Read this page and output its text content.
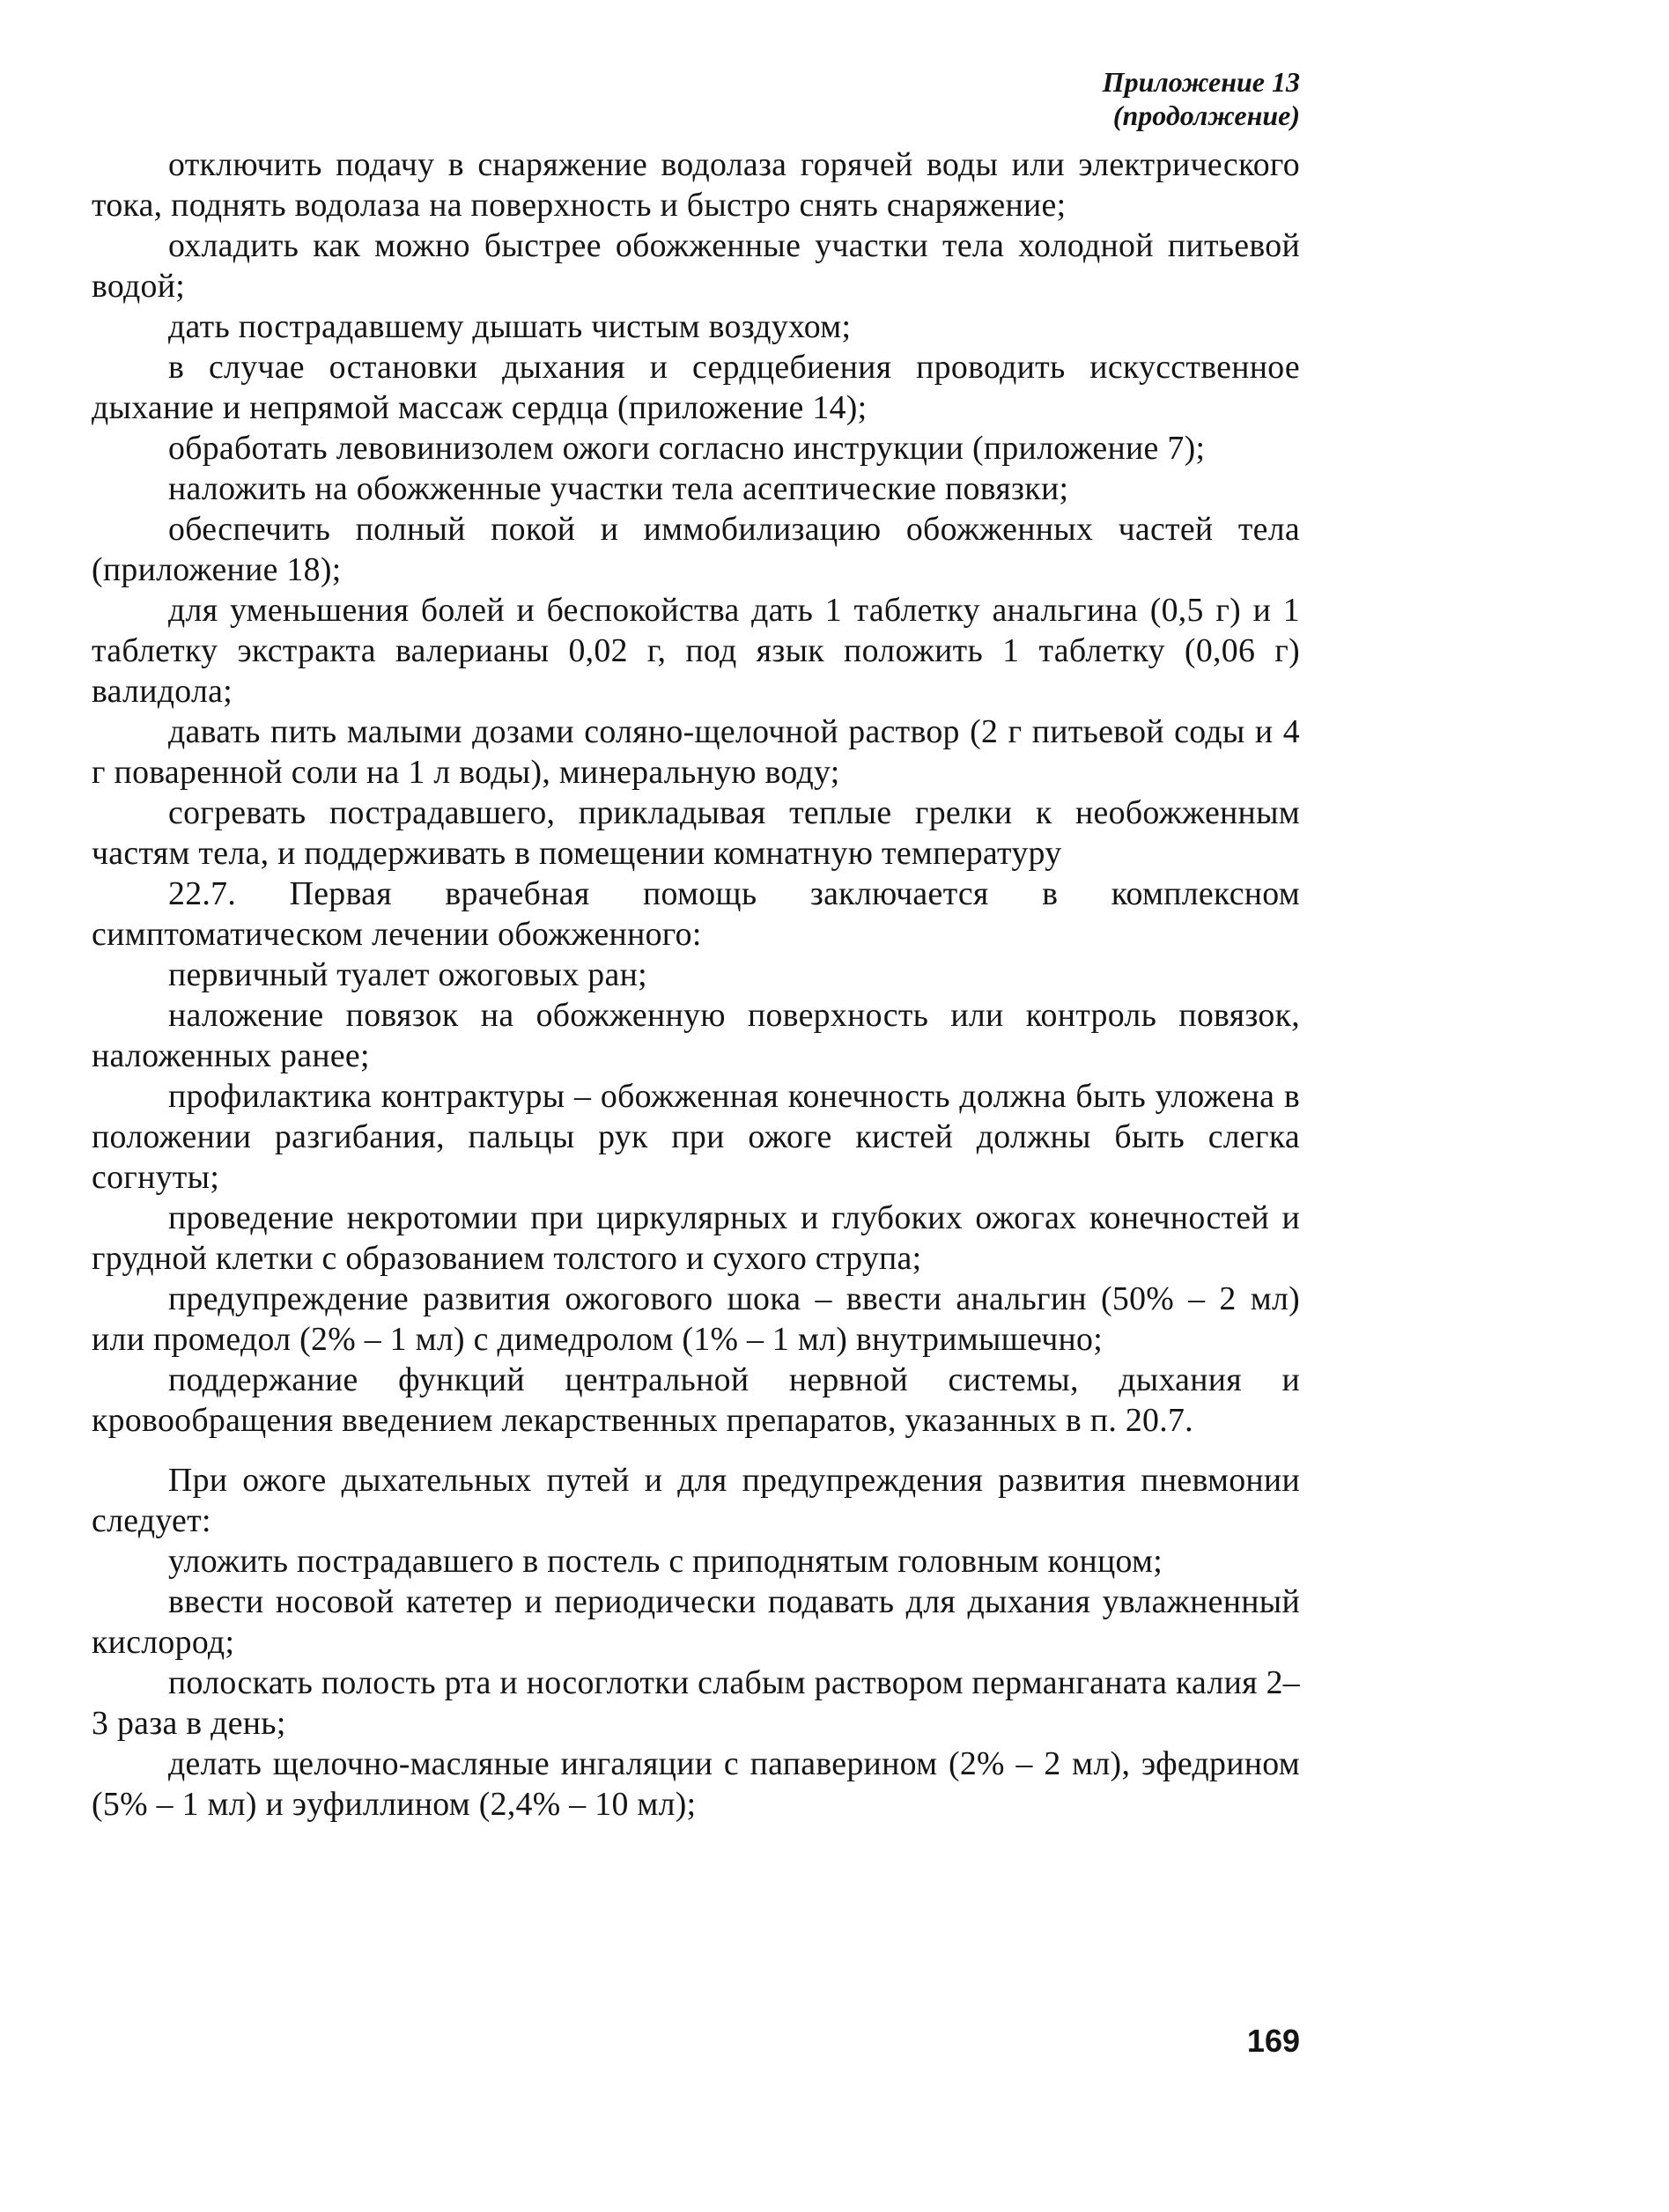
Приложение 13
(продолжение)

отключить подачу в снаряжение водолаза горячей воды или электрического тока, поднять водолаза на поверхность и быстро снять снаряжение;

охладить как можно быстрее обожженные участки тела холодной питьевой водой;

дать пострадавшему дышать чистым воздухом;

в случае остановки дыхания и сердцебиения проводить искусственное дыхание и непрямой массаж сердца (приложение 14);

обработать левовинизолем ожоги согласно инструкции (приложение 7);

наложить на обожженные участки тела асептические повязки;

обеспечить полный покой и иммобилизацию обожженных частей тела (приложение 18);

для уменьшения болей и беспокойства дать 1 таблетку анальгина (0,5 г) и 1 таблетку экстракта валерианы 0,02 г, под язык положить 1 таблетку (0,06 г) валидола;

давать пить малыми дозами соляно-щелочной раствор (2 г питьевой соды и 4 г поваренной соли на 1 л воды), минеральную воду;

согревать пострадавшего, прикладывая теплые грелки к необожженным частям тела, и поддерживать в помещении комнатную температуру

22.7. Первая врачебная помощь заключается в комплексном симптоматическом лечении обожженного:

первичный туалет ожоговых ран;

наложение повязок на обожженную поверхность или контроль повязок, наложенных ранее;

профилактика контрактуры – обожженная конечность должна быть уложена в положении разгибания, пальцы рук при ожоге кистей должны быть слегка согнуты;

проведение некротомии при циркулярных и глубоких ожогах конечностей и грудной клетки с образованием толстого и сухого струпа;

предупреждение развития ожогового шока – ввести анальгин (50% – 2 мл) или промедол (2% – 1 мл) с димедролом (1% – 1 мл) внутримышечно;

поддержание функций центральной нервной системы, дыхания и кровообращения введением лекарственных препаратов, указанных в п. 20.7.

При ожоге дыхательных путей и для предупреждения развития пневмонии следует:

уложить пострадавшего в постель с приподнятым головным концом;

ввести носовой катетер и периодически подавать для дыхания увлажненный кислород;

полоскать полость рта и носоглотки слабым раствором перманганата калия 2–3 раза в день;

делать щелочно-масляные ингаляции с папаверином (2% – 2 мл), эфедрином (5% – 1 мл) и эуфиллином (2,4% – 10 мл);

169
